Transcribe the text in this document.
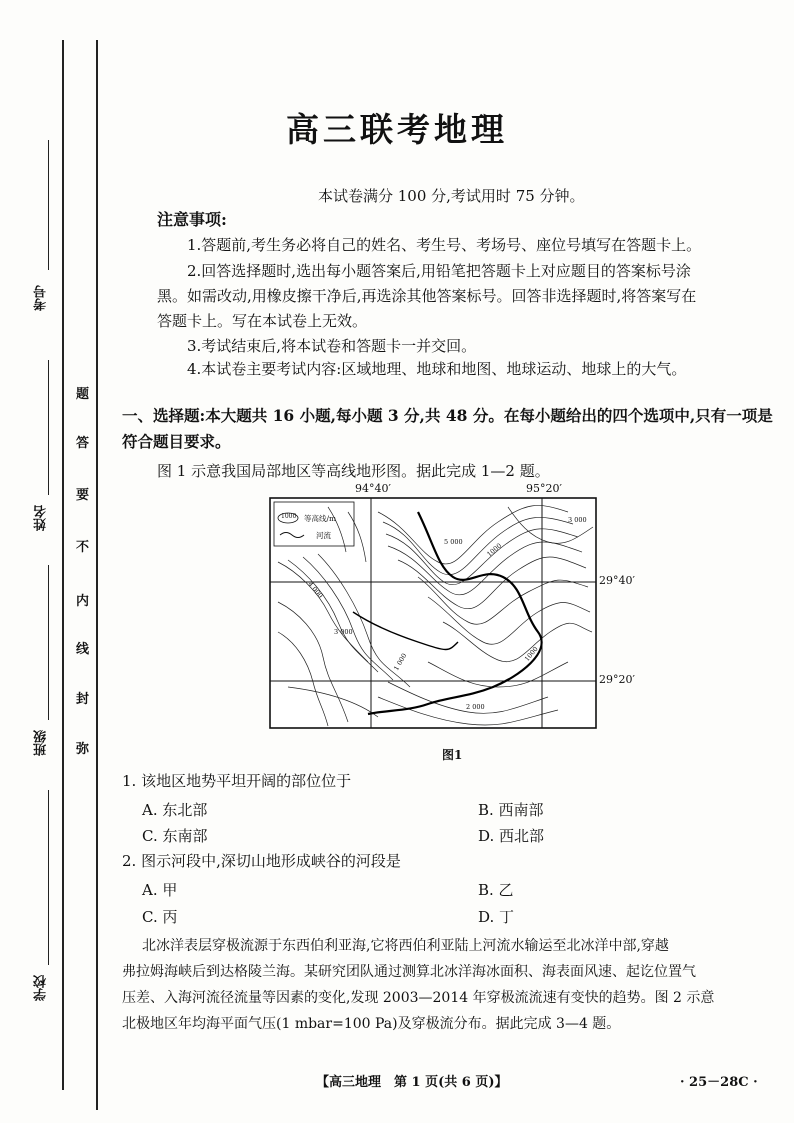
考号
姓名
班级
学校
题
答
要
不
内
线
封
弥
高三联考地理
本试卷满分 100 分,考试用时 75 分钟。
注意事项:
1.答题前,考生务必将自己的姓名、考生号、考场号、座位号填写在答题卡上。
2.回答选择题时,选出每小题答案后,用铅笔把答题卡上对应题目的答案标号涂
黑。如需改动,用橡皮擦干净后,再选涂其他答案标号。回答非选择题时,将答案写在
答题卡上。写在本试卷上无效。
3.考试结束后,将本试卷和答题卡一并交回。
4.本试卷主要考试内容:区域地理、地球和地图、地球运动、地球上的大气。
一、选择题:本大题共 16 小题,每小题 3 分,共 48 分。在每小题给出的四个选项中,只有一项是
符合题目要求。
图 1 示意我国局部地区等高线地形图。据此完成 1—2 题。
1000 等高线/m
河流
94°40′	95°20′
29°40′
29°20′
5 000
4 000
3 000
2 000
1 000	1000
1000
3 000
图1
1. 该地区地势平坦开阔的部位位于
A. 东北部	B. 西南部
C. 东南部	D. 西北部
2. 图示河段中,深切山地形成峡谷的河段是
A. 甲	B. 乙
C. 丙	D. 丁
北冰洋表层穿极流源于东西伯利亚海,它将西伯利亚陆上河流水输运至北冰洋中部,穿越
弗拉姆海峡后到达格陵兰海。某研究团队通过测算北冰洋海冰面积、海表面风速、起讫位置气
压差、入海河流径流量等因素的变化,发现 2003—2014 年穿极流流速有变快的趋势。图 2 示意
北极地区年均海平面气压(1 mbar=100 Pa)及穿极流分布。据此完成 3—4 题。
【高三地理　第 1 页(共 6 页)】	· 25－28C ·
